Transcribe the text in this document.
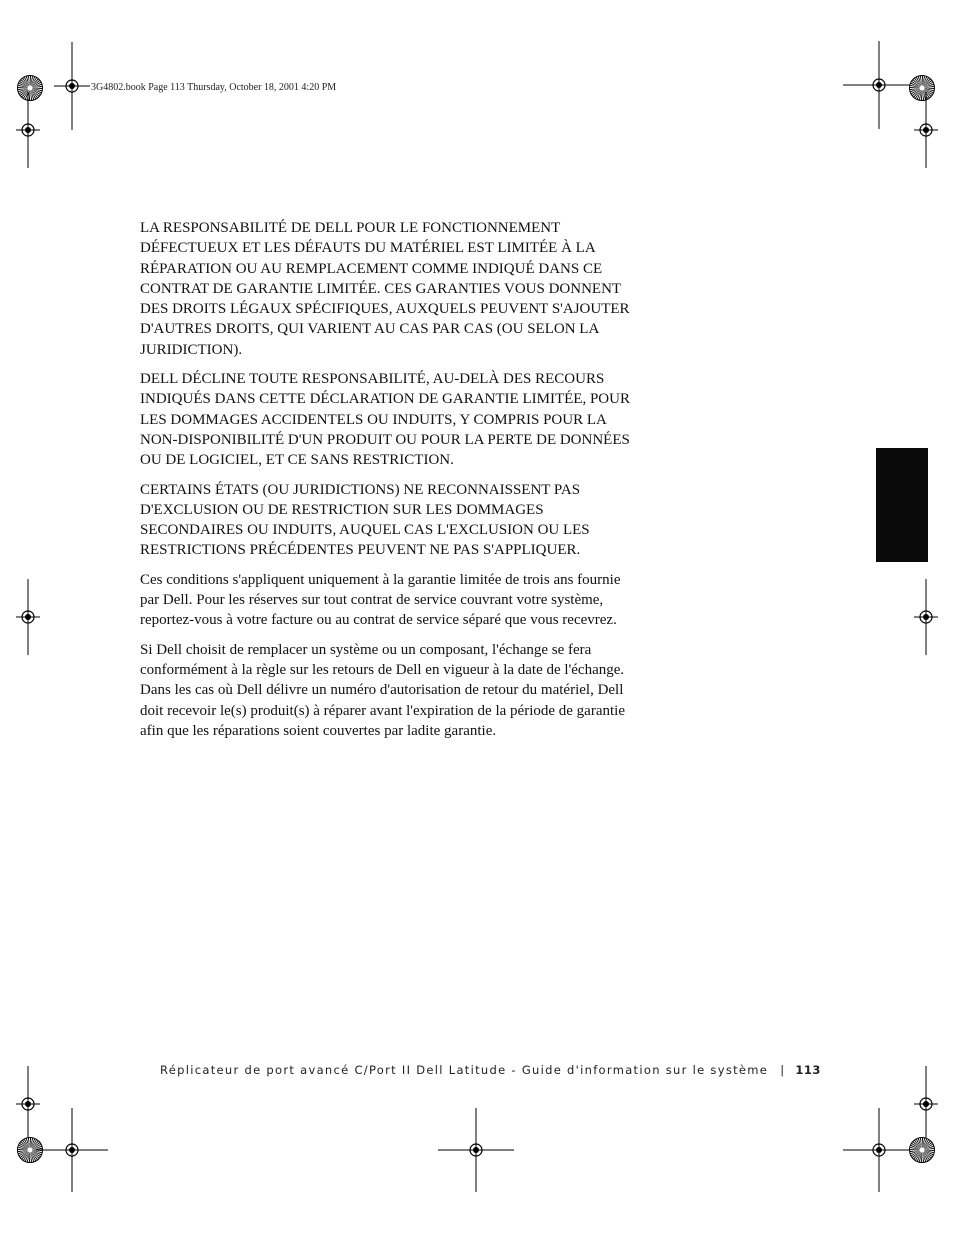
3G4802.book Page 113 Thursday, October 18, 2001 4:20 PM

LA RESPONSABILITÉ DE DELL POUR LE FONCTIONNEMENT DÉFECTUEUX ET LES DÉFAUTS DU MATÉRIEL EST LIMITÉE À LA RÉPARATION OU AU REMPLACEMENT COMME INDIQUÉ DANS CE CONTRAT DE GARANTIE LIMITÉE. CES GARANTIES VOUS DONNENT DES DROITS LÉGAUX SPÉCIFIQUES, AUXQUELS PEUVENT S'AJOUTER D'AUTRES DROITS, QUI VARIENT AU CAS PAR CAS (OU SELON LA JURIDICTION).

DELL DÉCLINE TOUTE RESPONSABILITÉ, AU-DELÀ DES RECOURS INDIQUÉS DANS CETTE DÉCLARATION DE GARANTIE LIMITÉE, POUR LES DOMMAGES ACCIDENTELS OU INDUITS, Y COMPRIS POUR LA NON-DISPONIBILITÉ D'UN PRODUIT OU POUR LA PERTE DE DONNÉES OU DE LOGICIEL, ET CE SANS RESTRICTION.

CERTAINS ÉTATS (OU JURIDICTIONS) NE RECONNAISSENT PAS D'EXCLUSION OU DE RESTRICTION SUR LES DOMMAGES SECONDAIRES OU INDUITS, AUQUEL CAS L'EXCLUSION OU LES RESTRICTIONS PRÉCÉDENTES PEUVENT NE PAS S'APPLIQUER.

Ces conditions s'appliquent uniquement à la garantie limitée de trois ans fournie par Dell. Pour les réserves sur tout contrat de service couvrant votre système, reportez-vous à votre facture ou au contrat de service séparé que vous recevrez.

Si Dell choisit de remplacer un système ou un composant, l'échange se fera conformément à la règle sur les retours de Dell en vigueur à la date de l'échange. Dans les cas où Dell délivre un numéro d'autorisation de retour du matériel, Dell doit recevoir le(s) produit(s) à réparer avant l'expiration de la période de garantie afin que les réparations soient couvertes par ladite garantie.

Réplicateur de port avancé C/Port II Dell Latitude - Guide d'information sur le système | 113
